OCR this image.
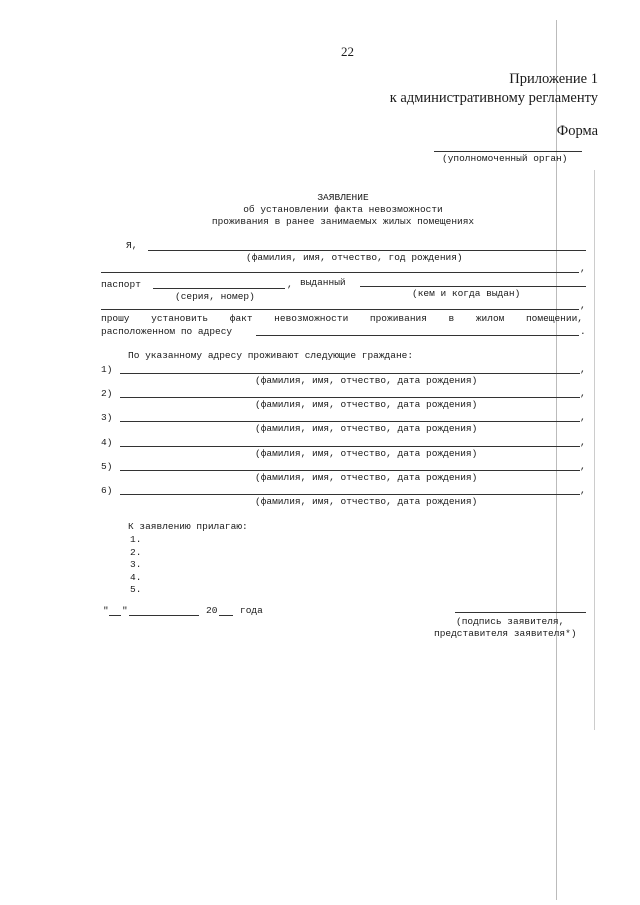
22
Приложение 1
к административному регламенту
Форма
(уполномоченный орган)
ЗАЯВЛЕНИЕ
об установлении факта невозможности
проживания в ранее занимаемых жилых помещениях
Я,
(фамилия, имя, отчество, год рождения)
,
паспорт	, выданный
(серия, номер)	(кем и когда выдан)
,
прошу установить факт невозможности проживания в жилом помещении,
расположенном по адресу	.
По указанному адресу проживают следующие граждане:
1)	,
(фамилия, имя, отчество, дата рождения)
2)	,
(фамилия, имя, отчество, дата рождения)
3)	,
(фамилия, имя, отчество, дата рождения)
4)	,
(фамилия, имя, отчество, дата рождения)
5)	,
(фамилия, имя, отчество, дата рождения)
6)	,
(фамилия, имя, отчество, дата рождения)
К заявлению прилагаю:
1.
2.
3.
4.
5.
" "	20 года
(подпись заявителя,
представителя заявителя*)
